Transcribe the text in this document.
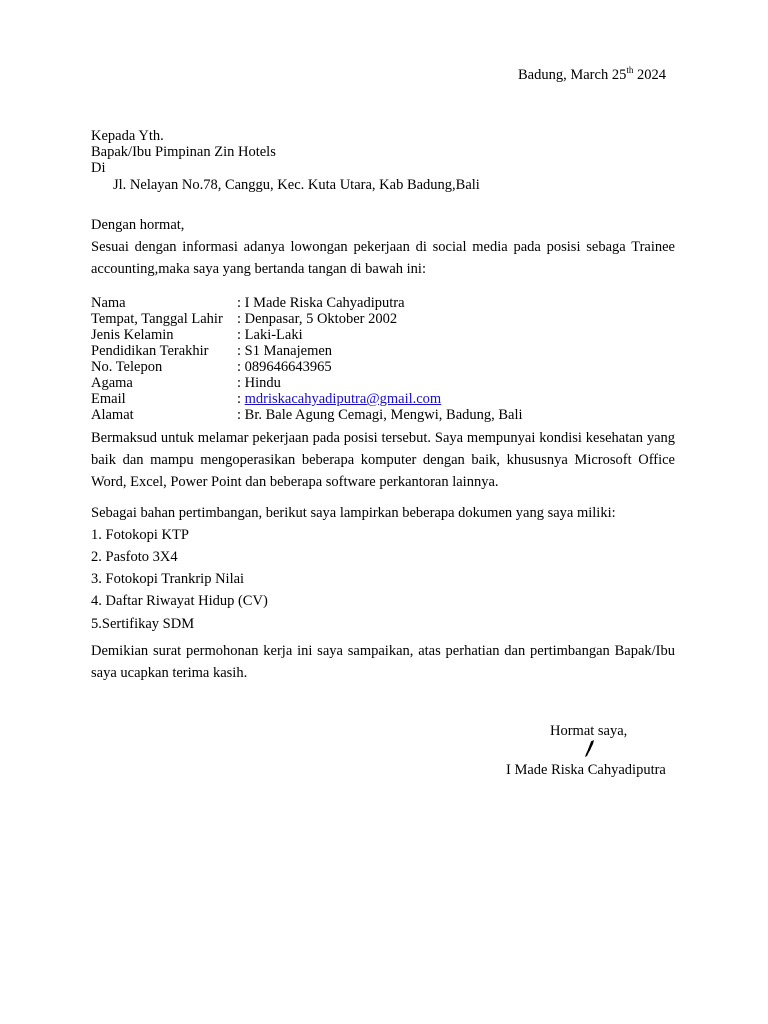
Badung, March 25th 2024
Kepada Yth.
Bapak/Ibu Pimpinan Zin Hotels
Di
Jl. Nelayan No.78, Canggu, Kec. Kuta Utara, Kab Badung,Bali
Dengan hormat,
Sesuai dengan informasi adanya lowongan pekerjaan di social media pada posisi sebaga Trainee accounting,maka saya yang bertanda tangan di bawah ini:
Nama	: I Made Riska Cahyadiputra
Tempat, Tanggal Lahir : Denpasar, 5 Oktober 2002
Jenis Kelamin	: Laki-Laki
Pendidikan Terakhir : S1 Manajemen
No. Telepon	: 089646643965
Agama	: Hindu
Email	: mdriskacahyadiputra@gmail.com
Alamat	: Br. Bale Agung Cemagi, Mengwi, Badung, Bali
Bermaksud untuk melamar pekerjaan pada posisi tersebut. Saya mempunyai kondisi kesehatan yang baik dan mampu mengoperasikan beberapa komputer dengan baik, khususnya Microsoft Office Word, Excel, Power Point dan beberapa software perkantoran lainnya.
Sebagai bahan pertimbangan, berikut saya lampirkan beberapa dokumen yang saya miliki:
1. Fotokopi KTP
2. Pasfoto 3X4
3. Fotokopi Trankrip Nilai
4. Daftar Riwayat Hidup (CV)
5.Sertifikay SDM
Demikian surat permohonan kerja ini saya sampaikan, atas perhatian dan pertimbangan Bapak/Ibu saya ucapkan terima kasih.
Hormat saya,
I Made Riska Cahyadiputra
